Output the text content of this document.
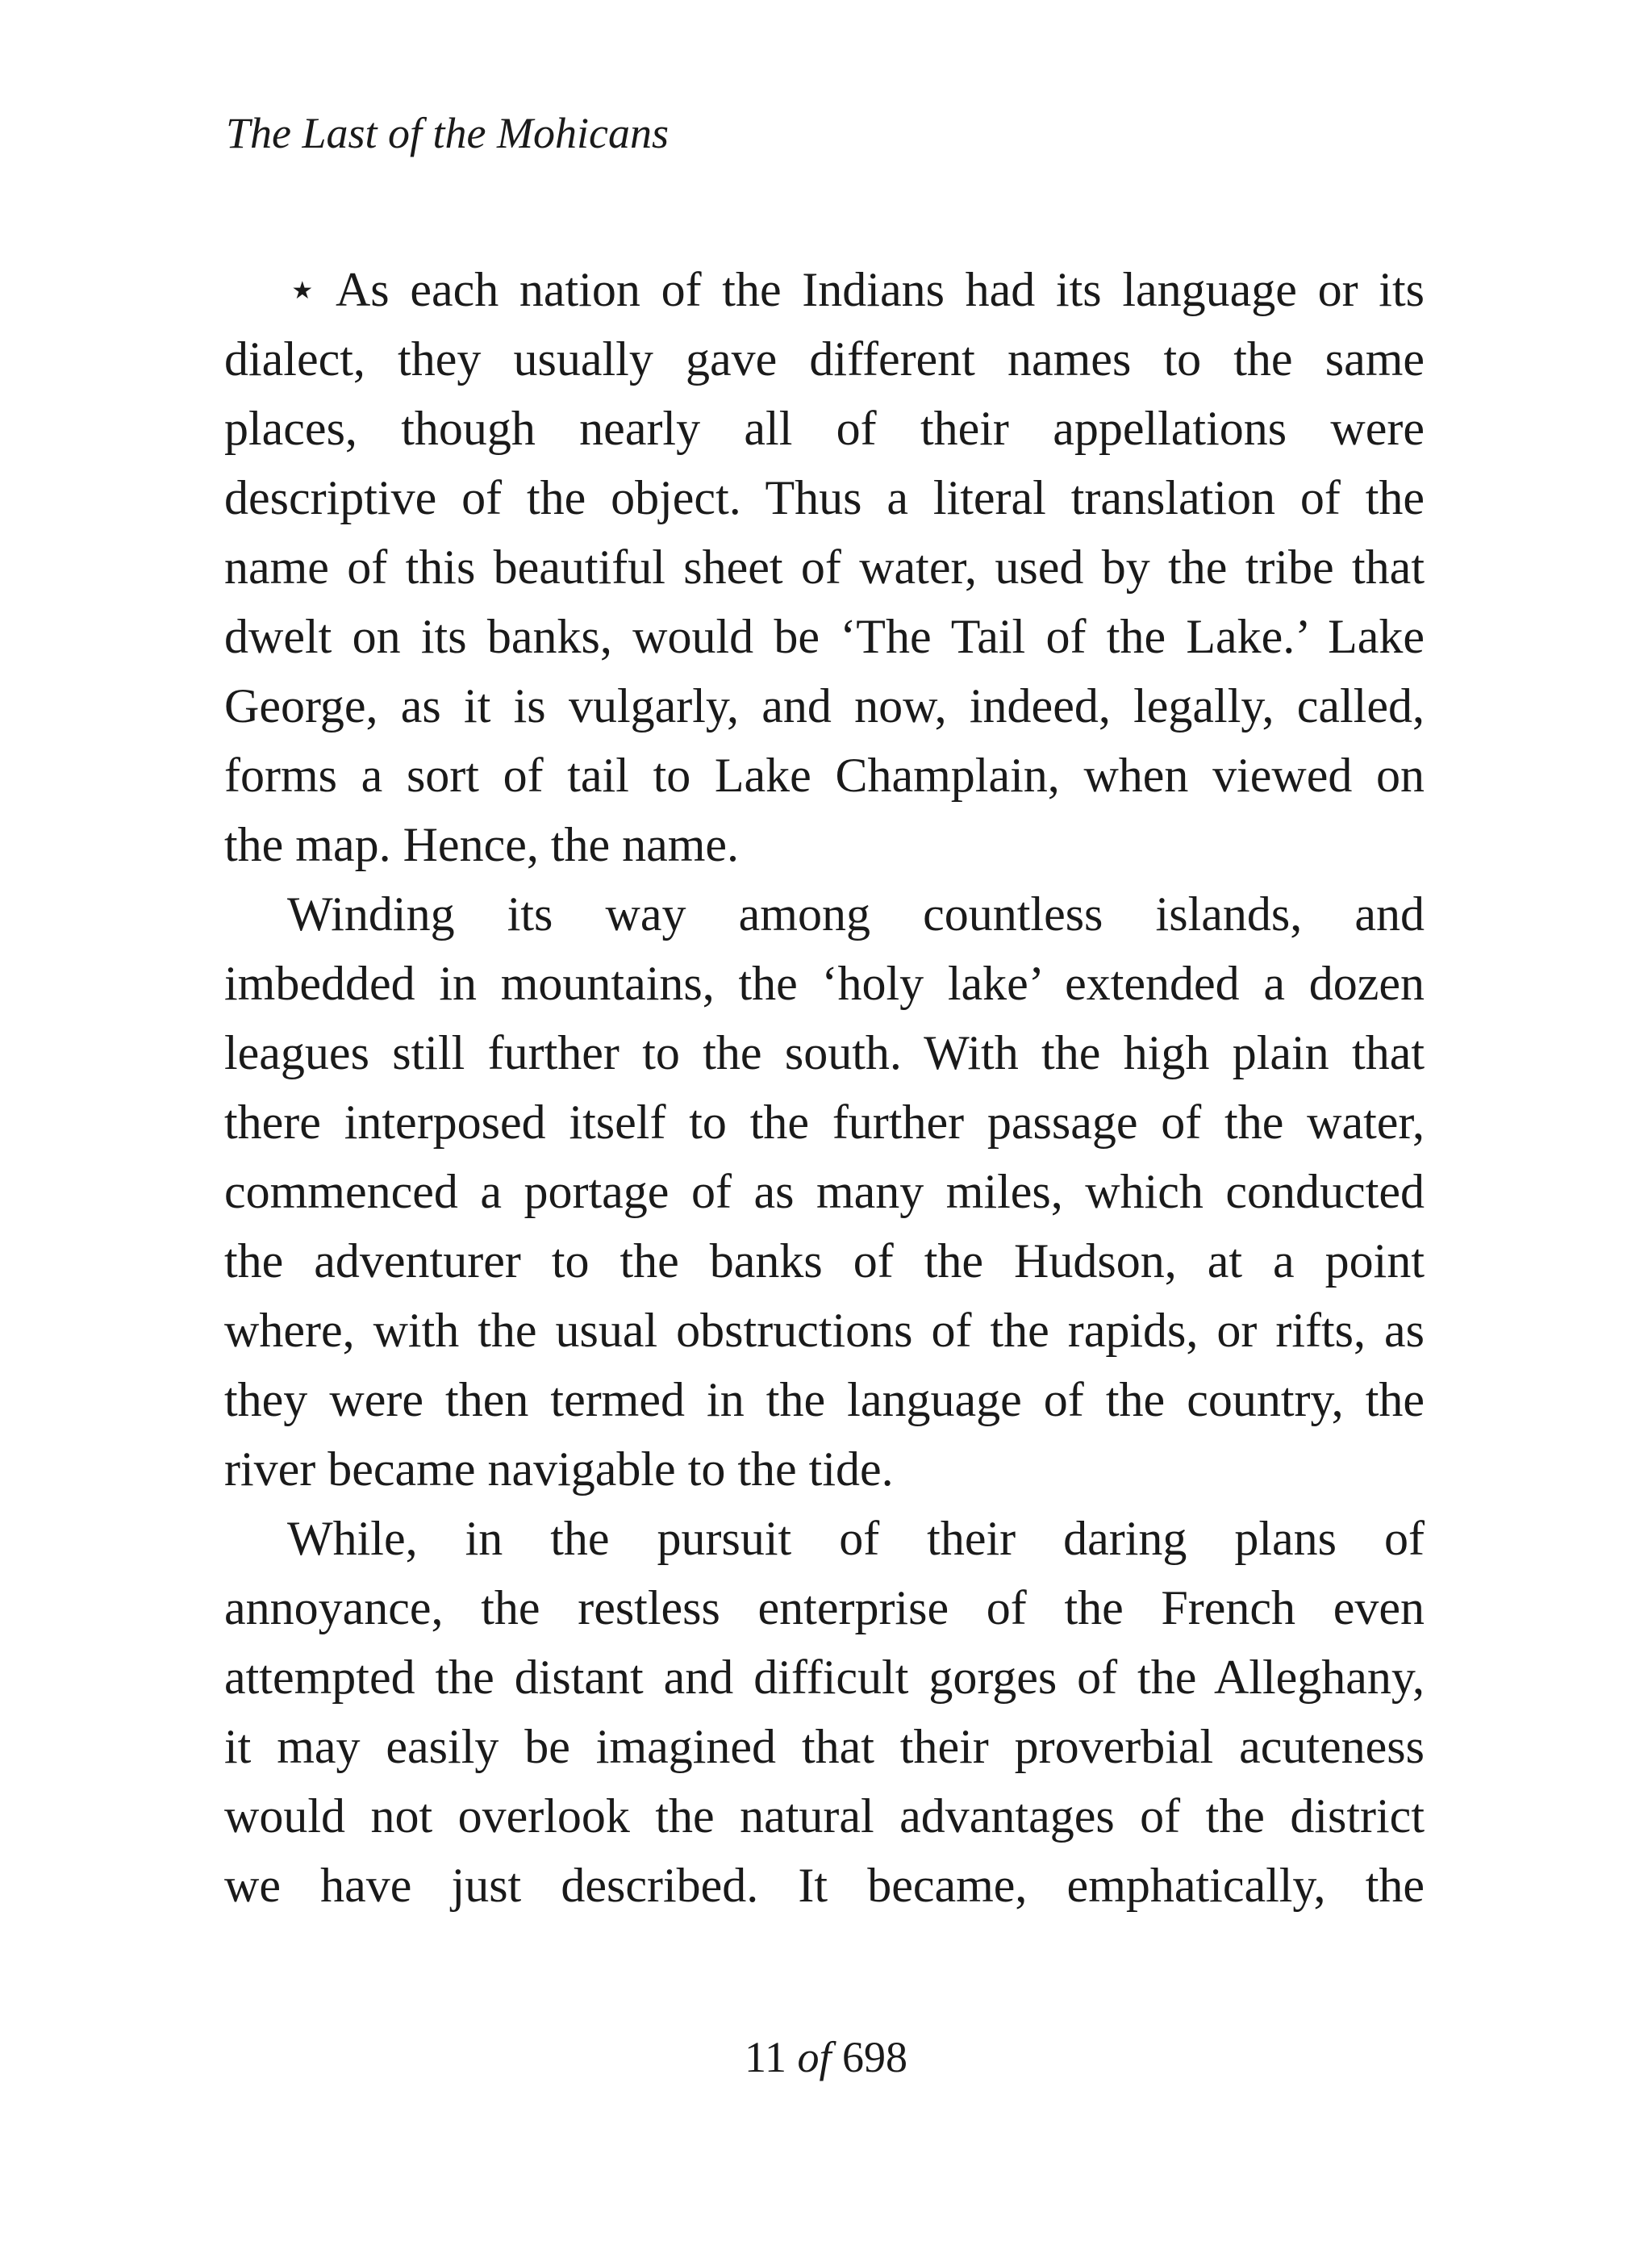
The Last of the Mohicans

⋆ As each nation of the Indians had its language or its
dialect, they usually gave different names to the same
places, though nearly all of their appellations were
descriptive of the object. Thus a literal translation of the
name of this beautiful sheet of water, used by the tribe that
dwelt on its banks, would be ‘The Tail of the Lake.’ Lake
George, as it is vulgarly, and now, indeed, legally, called,
forms a sort of tail to Lake Champlain, when viewed on
the map. Hence, the name.

Winding its way among countless islands, and
imbedded in mountains, the ‘holy lake’ extended a dozen
leagues still further to the south. With the high plain that
there interposed itself to the further passage of the water,
commenced a portage of as many miles, which conducted
the adventurer to the banks of the Hudson, at a point
where, with the usual obstructions of the rapids, or rifts, as
they were then termed in the language of the country, the
river became navigable to the tide.

While, in the pursuit of their daring plans of
annoyance, the restless enterprise of the French even
attempted the distant and difficult gorges of the Alleghany,
it may easily be imagined that their proverbial acuteness
would not overlook the natural advantages of the district
we have just described. It became, emphatically, the

11 of 698
